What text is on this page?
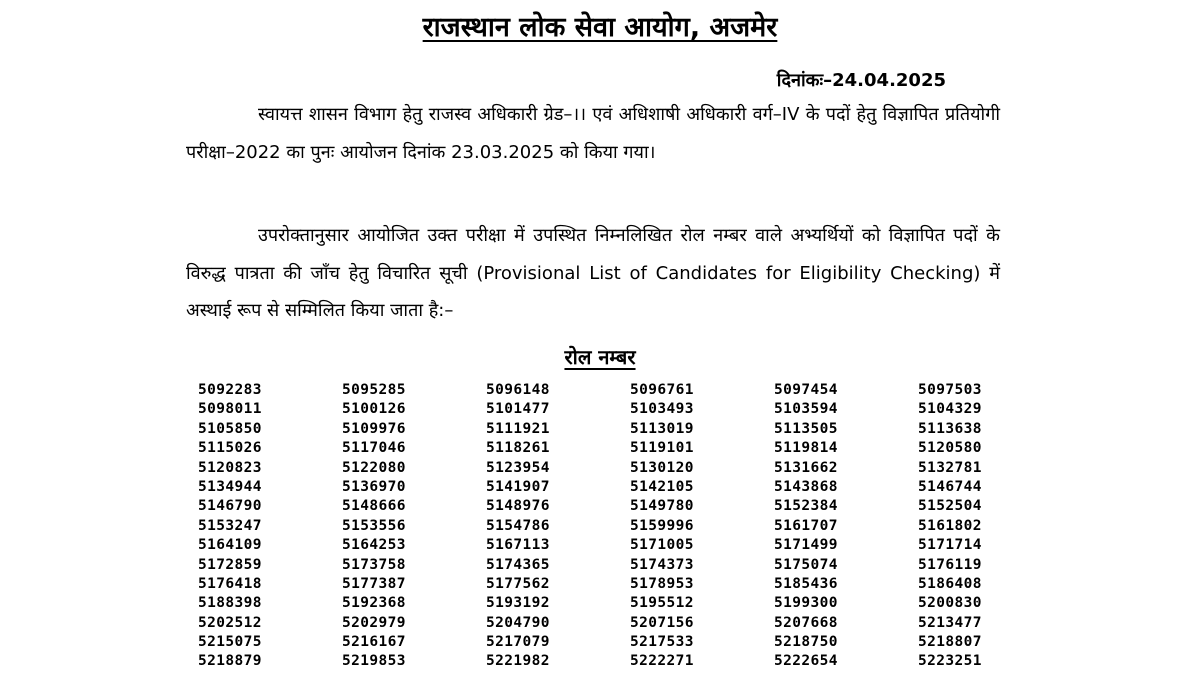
राजस्थान लोक सेवा आयोग, अजमेर
दिनांकः–24.04.2025

स्वायत्त शासन विभाग हेतु राजस्व अधिकारी ग्रेड–।। एवं अधिशाषी अधिकारी वर्ग–IV के पदों हेतु विज्ञापित प्रतियोगी परीक्षा–2022 का पुनः आयोजन दिनांक 23.03.2025 को किया गया।

उपरोक्तानुसार आयोजित उक्त परीक्षा में उपस्थित निम्नलिखित रोल नम्बर वाले अभ्यर्थियों को विज्ञापित पदों के विरुद्ध पात्रता की जाँच हेतु विचारित सूची (Provisional List of Candidates for Eligibility Checking) में अस्थाई रूप से सम्मिलित किया जाता है:–

रोल नम्बर
5092283	5095285	5096148	5096761	5097454	5097503
5098011	5100126	5101477	5103493	5103594	5104329
5105850	5109976	5111921	5113019	5113505	5113638
5115026	5117046	5118261	5119101	5119814	5120580
5120823	5122080	5123954	5130120	5131662	5132781
5134944	5136970	5141907	5142105	5143868	5146744
5146790	5148666	5148976	5149780	5152384	5152504
5153247	5153556	5154786	5159996	5161707	5161802
5164109	5164253	5167113	5171005	5171499	5171714
5172859	5173758	5174365	5174373	5175074	5176119
5176418	5177387	5177562	5178953	5185436	5186408
5188398	5192368	5193192	5195512	5199300	5200830
5202512	5202979	5204790	5207156	5207668	5213477
5215075	5216167	5217079	5217533	5218750	5218807
5218879	5219853	5221982	5222271	5222654	5223251
